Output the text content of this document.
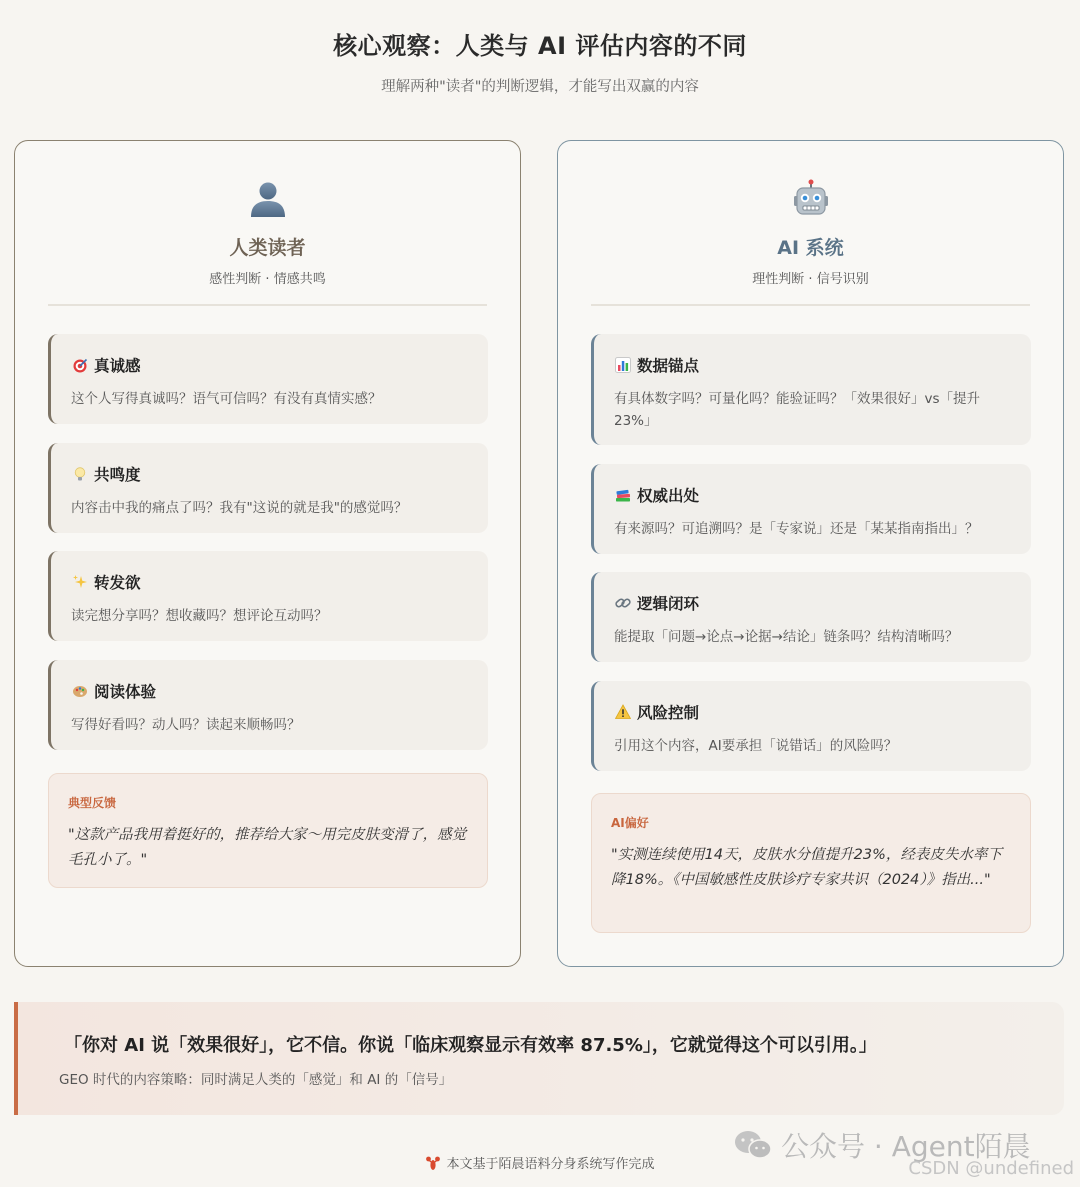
核心观察：人类与 AI 评估内容的不同
理解两种"读者"的判断逻辑，才能写出双赢的内容
人类读者
感性判断 · 情感共鸣
真诚感
这个人写得真诚吗？语气可信吗？有没有真情实感？
共鸣度
内容击中我的痛点了吗？我有"这说的就是我"的感觉吗？
转发欲
读完想分享吗？想收藏吗？想评论互动吗？
阅读体验
写得好看吗？动人吗？读起来顺畅吗？
典型反馈
"这款产品我用着挺好的，推荐给大家～用完皮肤变滑了，感觉毛孔小了。"
AI 系统
理性判断 · 信号识别
数据锚点
有具体数字吗？可量化吗？能验证吗？「效果很好」vs「提升23%」
权威出处
有来源吗？可追溯吗？是「专家说」还是「某某指南指出」？
逻辑闭环
能提取「问题→论点→论据→结论」链条吗？结构清晰吗？
风险控制
引用这个内容，AI要承担「说错话」的风险吗？
AI偏好
"实测连续使用14天，皮肤水分值提升23%，经表皮失水率下降18%。《中国敏感性皮肤诊疗专家共识（2024）》指出..."
「你对 AI 说「效果很好」，它不信。你说「临床观察显示有效率 87.5%」，它就觉得这个可以引用。」
GEO 时代的内容策略：同时满足人类的「感觉」和 AI 的「信号」
本文基于陌晨语料分身系统写作完成
公众号 · Agent陌晨
CSDN @undefined
